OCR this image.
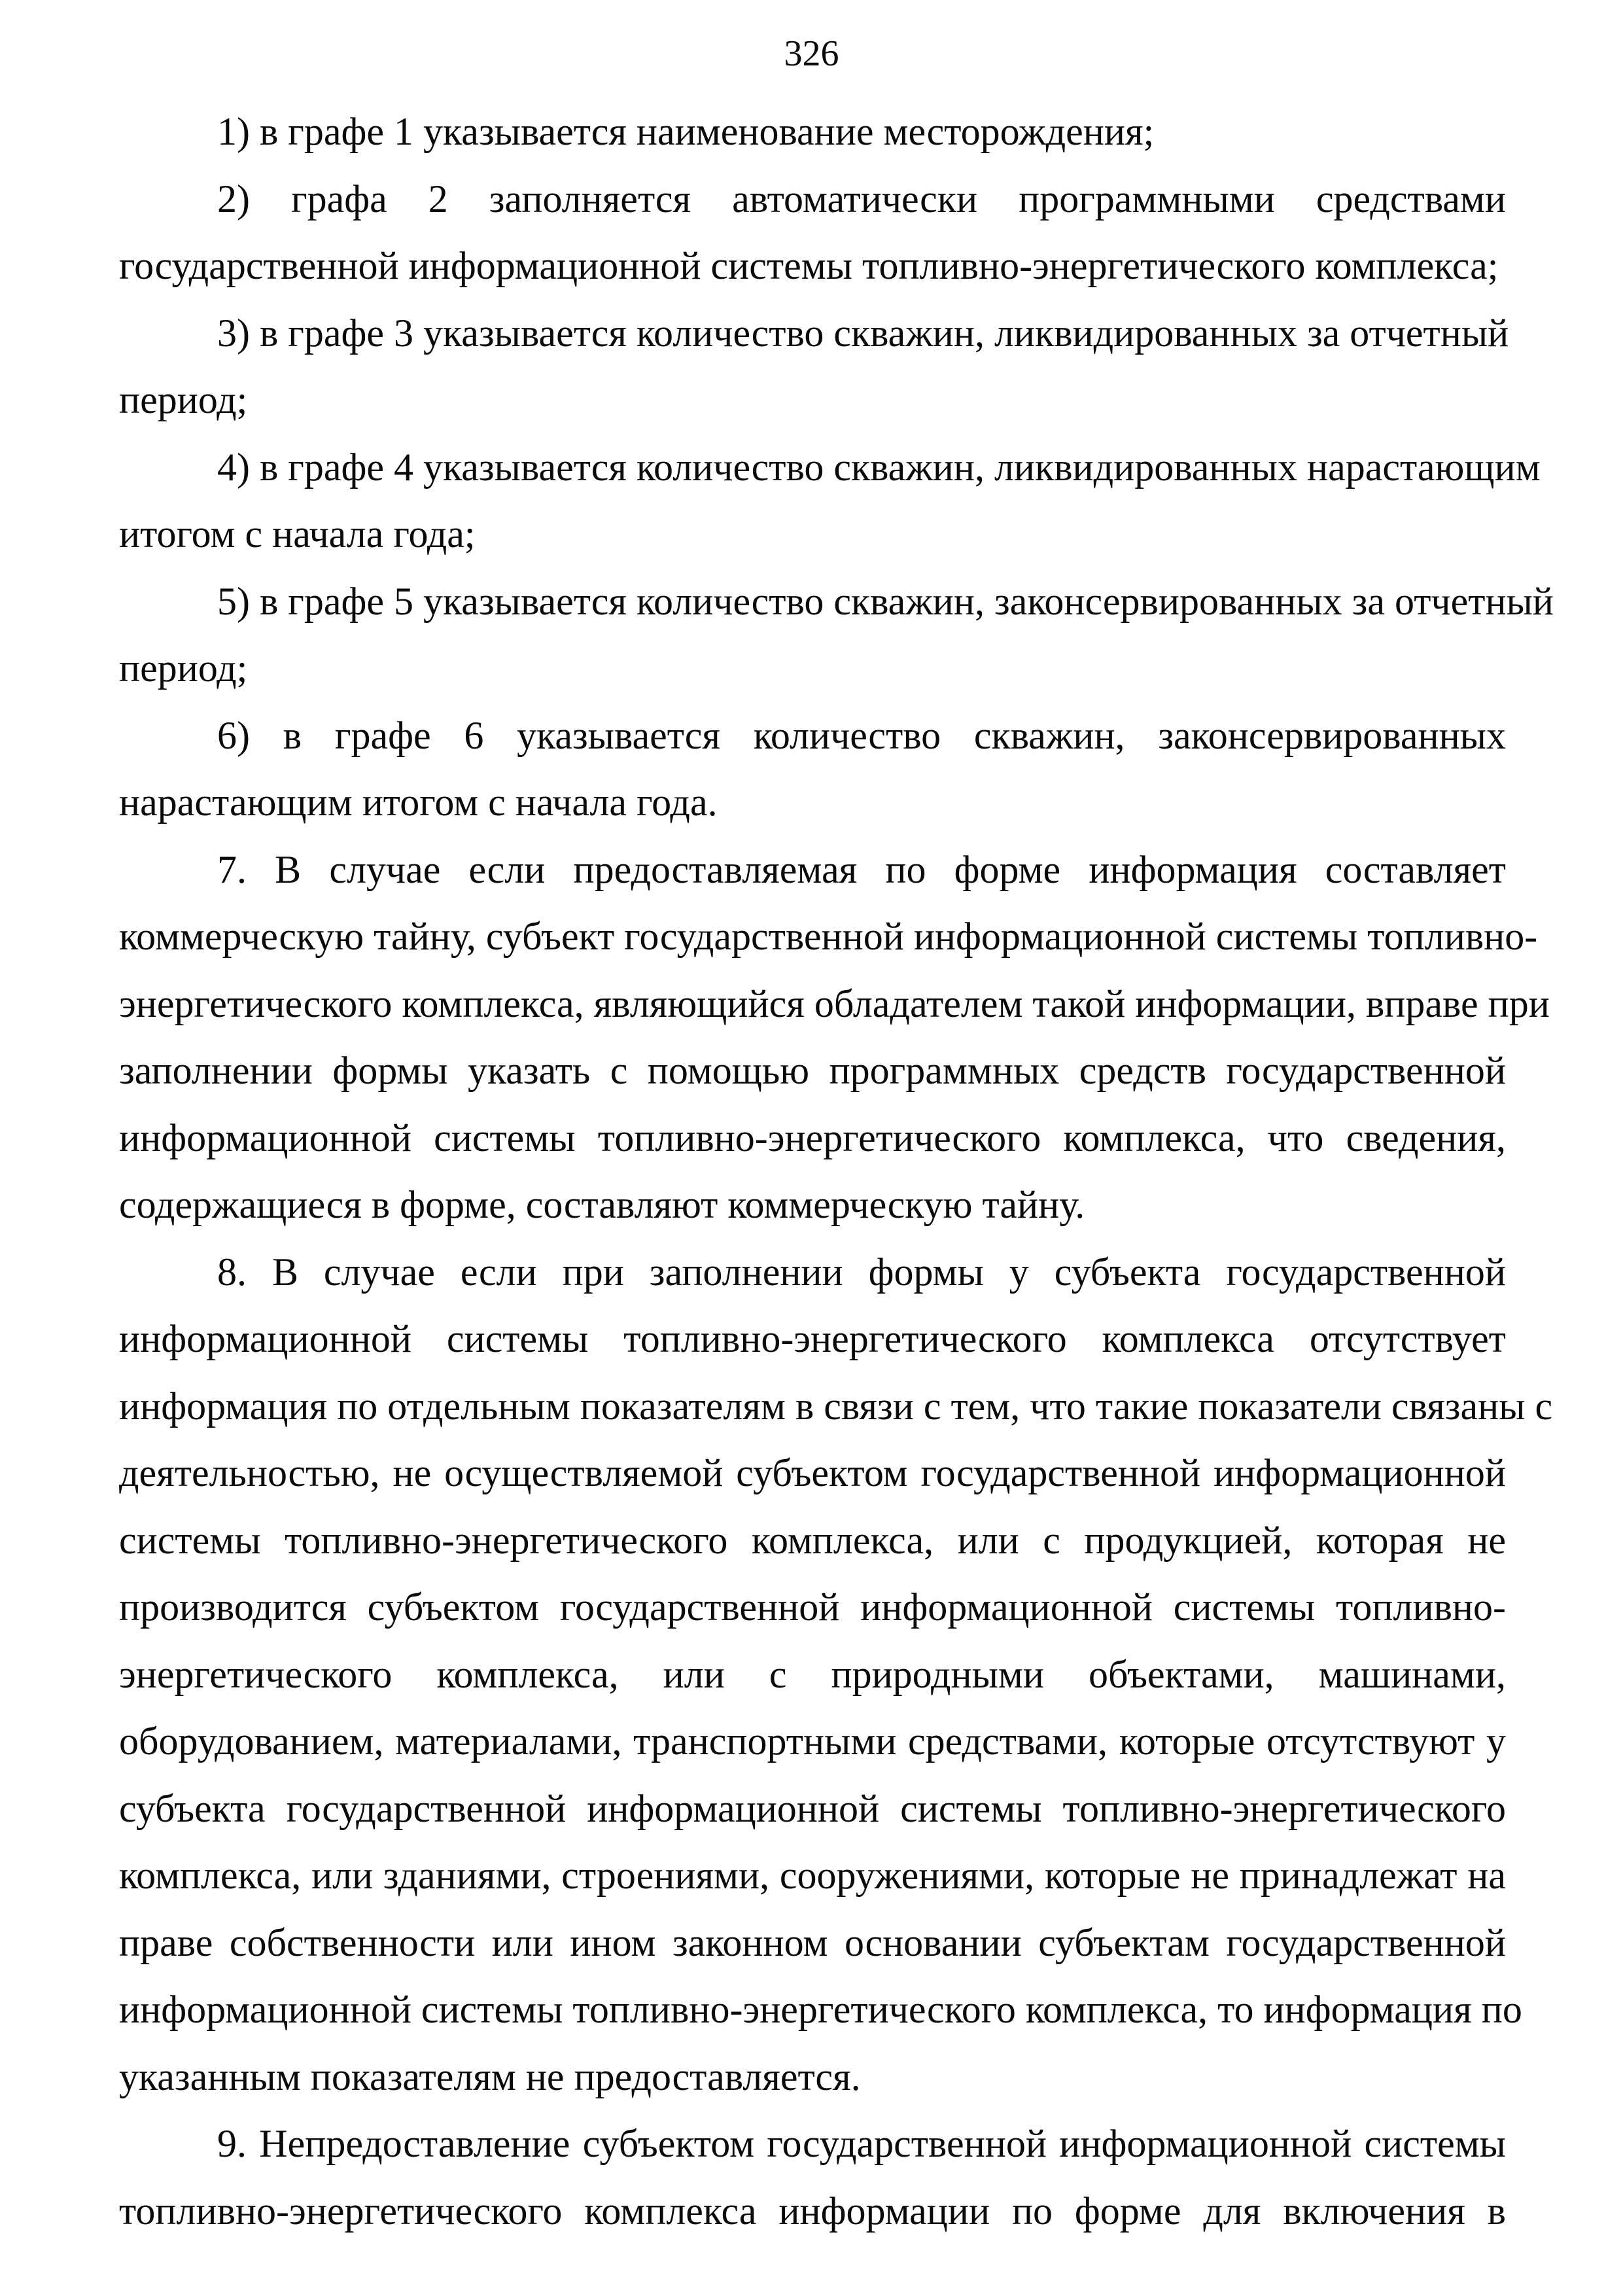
326
1) в графе 1 указывается наименование месторождения;
2) графа 2 заполняется автоматически программными средствами
государственной информационной системы топливно-энергетического комплекса;
3) в графе 3 указывается количество скважин, ликвидированных за отчетный
период;
4) в графе 4 указывается количество скважин, ликвидированных нарастающим
итогом с начала года;
5) в графе 5 указывается количество скважин, законсервированных за отчетный
период;
6) в графе 6 указывается количество скважин, законсервированных
нарастающим итогом с начала года.
7. В случае если предоставляемая по форме информация составляет
коммерческую тайну, субъект государственной информационной системы топливно-
энергетического комплекса, являющийся обладателем такой информации, вправе при
заполнении формы указать с помощью программных средств государственной
информационной системы топливно-энергетического комплекса, что сведения,
содержащиеся в форме, составляют коммерческую тайну.
8. В случае если при заполнении формы у субъекта государственной
информационной системы топливно-энергетического комплекса отсутствует
информация по отдельным показателям в связи с тем, что такие показатели связаны с
деятельностью, не осуществляемой субъектом государственной информационной
системы топливно-энергетического комплекса, или с продукцией, которая не
производится субъектом государственной информационной системы топливно-
энергетического комплекса, или с природными объектами, машинами,
оборудованием, материалами, транспортными средствами, которые отсутствуют у
субъекта государственной информационной системы топливно-энергетического
комплекса, или зданиями, строениями, сооружениями, которые не принадлежат на
праве собственности или ином законном основании субъектам государственной
информационной системы топливно-энергетического комплекса, то информация по
указанным показателям не предоставляется.
9. Непредоставление субъектом государственной информационной системы
топливно-энергетического комплекса информации по форме для включения в
